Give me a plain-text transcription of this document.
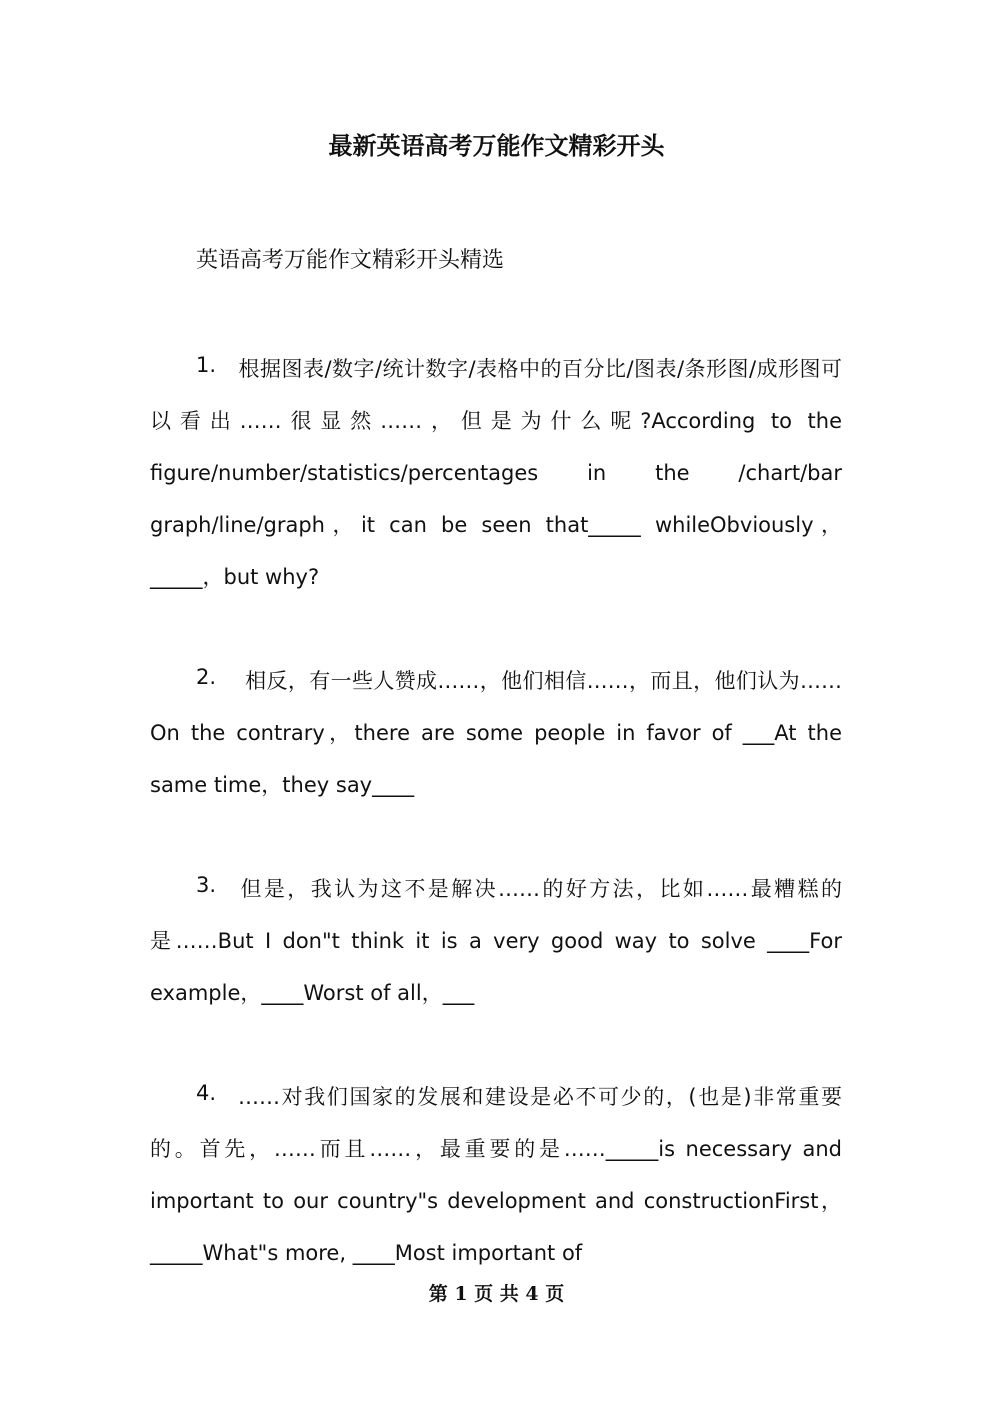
最新英语高考万能作文精彩开头

英语高考万能作文精彩开头精选

1. 根据图表/数字/统计数字/表格中的百分比/图表/条形图/成形图可以看出……很显然……，但是为什么呢?According to the figure/number/statistics/percentages in the /chart/bar graph/line/graph，it can be seen that_____ whileObviously，_____，but why?

2. 相反，有一些人赞成……，他们相信……，而且，他们认为……On the contrary，there are some people in favor of ___At the same time，they say____

3. 但是，我认为这不是解决……的好方法，比如……最糟糕的是……But I don"t think it is a very good way to solve ____For example，____Worst of all，___

4. ……对我们国家的发展和建设是必不可少的，(也是)非常重要的。首先，……而且……，最重要的是……_____is necessary and important to our country"s development and constructionFirst，_____What"s more, ____Most important of

第 1 页 共 4 页
